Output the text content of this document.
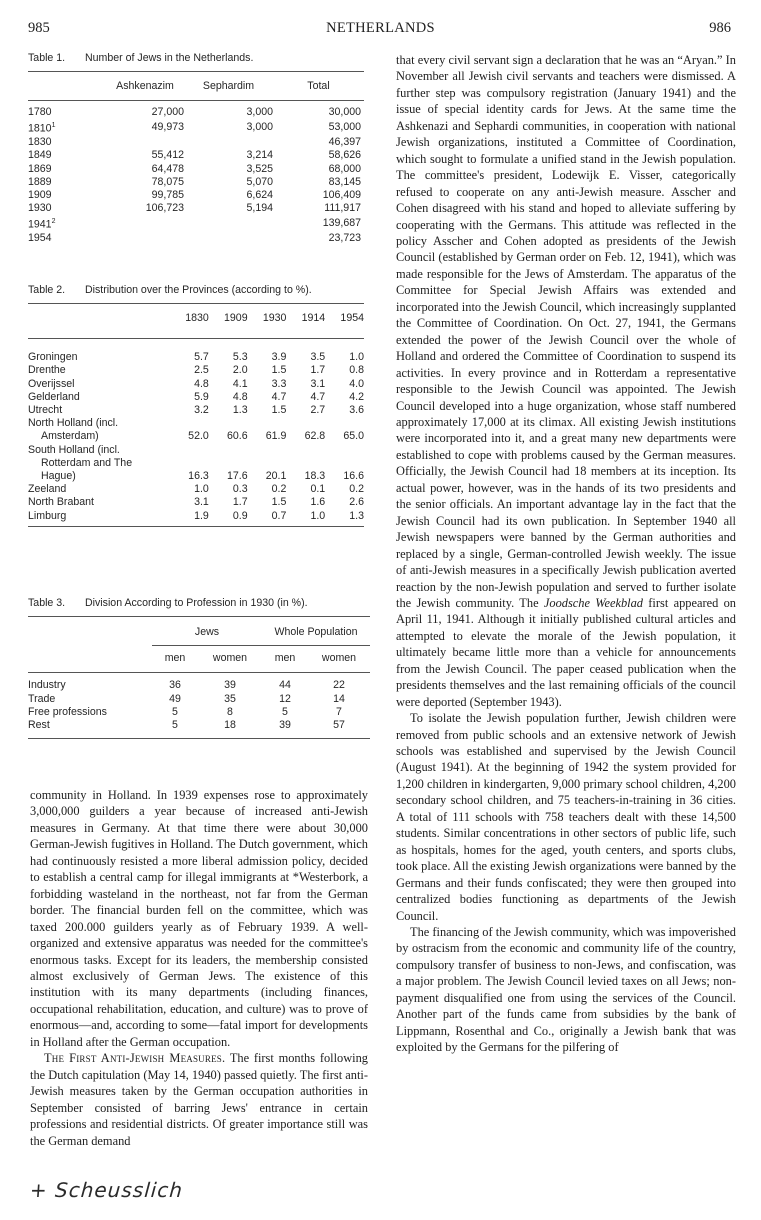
985	NETHERLANDS	986
Table 1. Number of Jews in the Netherlands.
	Ashkenazim	Sephardim	Total

1780	27,000	3,000	30,000
1810$^1$	49,973	3,000	53,000
1830			46,397
1849	55,412	3,214	58,626
1869	64,478	3,525	68,000
1889	78,075	5,070	83,145
1909	99,785	6,624	106,409
1930	106,723	5,194	111,917
1941$^2$			139,687
1954			23,723
Table 2. Distribution over the Provinces (according to %).
	1830	1909	1930	1914	1954

Groningen	5.7	5.3	3.9	3.5	1.0
Drenthe	2.5	2.0	1.5	1.7	0.8
Overijssel	4.8	4.1	3.3	3.1	4.0
Gelderland	5.9	4.8	4.7	4.7	4.2
Utrecht	3.2	1.3	1.5	2.7	3.6
North Holland (incl.					
Amsterdam)	52.0	60.6	61.9	62.8	65.0
South Holland (incl.					
Rotterdam and The					
Hague)	16.3	17.6	20.1	18.3	16.6
Zeeland	1.0	0.3	0.2	0.1	0.2
North Brabant	3.1	1.7	1.5	1.6	2.6
Limburg	1.9	0.9	0.7	1.0	1.3
Table 3. Division According to Profession in 1930 (in %).
	Jews		Whole Population	

	men	women	men	women

Industry	36	39	44	22
Trade	49	35	12	14
Free professions	5	8	5	7
Rest	5	18	39	57

community in Holland. In 1939 expenses rose to approximately 3,000,000 guilders a year because of increased anti-Jewish measures in Germany. At that time there were about 30,000 German-Jewish fugitives in Holland. The Dutch government, which had continuously resisted a more liberal admission policy, decided to establish a central camp for illegal immigrants at *Westerbork, a forbidding wasteland in the northeast, not far from the German border. The financial burden fell on the committee, which was taxed 200.000 guilders yearly as of February 1939. A well-organized and extensive apparatus was needed for the committee's enormous tasks. Except for its leaders, the membership consisted almost exclusively of German Jews. The existence of this institution with its many departments (including finances, occupational rehabilitation, education, and culture) was to prove of enormous—and, according to some—fatal import for developments in Holland after the German occupation.

The First Anti-Jewish Measures. The first months following the Dutch capitulation (May 14, 1940) passed quietly. The first anti-Jewish measures taken by the German occupation authorities in September consisted of barring Jews' entrance in certain professions and residential districts. Of greater importance still was the German demand

that every civil servant sign a declaration that he was an “Aryan.” In November all Jewish civil servants and teachers were dismissed. A further step was compulsory registration (January 1941) and the issue of special identity cards for Jews. At the same time the Ashkenazi and Sephardi communities, in cooperation with national Jewish organizations, instituted a Committee of Coordination, which sought to formulate a unified stand in the Jewish population. The committee's president, Lodewĳk E. Visser, categorically refused to cooperate on any anti-Jewish measure. Asscher and Cohen disagreed with his stand and hoped to alleviate suffering by cooperating with the Germans. This attitude was reflected in the policy Asscher and Cohen adopted as presidents of the Jewish Council (established by German order on Feb. 12, 1941), which was made responsible for the Jews of Amsterdam. The apparatus of the Committee for Special Jewish Affairs was extended and incorporated into the Jewish Council, which increasingly supplanted the Committee of Coordination. On Oct. 27, 1941, the Germans extended the power of the Jewish Council over the whole of Holland and ordered the Committee of Coordination to suspend its activities. In every province and in Rotterdam a representative responsible to the Jewish Council was appointed. The Jewish Council developed into a huge organization, whose staff numbered approximately 17,000 at its climax. All existing Jewish institutions were incorporated into it, and a great many new departments were established to cope with problems caused by the German measures. Officially, the Jewish Council had 18 members at its inception. Its actual power, however, was in the hands of its two presidents and the senior officials. An important advantage lay in the fact that the Jewish Council had its own publication. In September 1940 all Jewish newspapers were banned by the German authorities and replaced by a single, German-controlled Jewish weekly. The issue of anti-Jewish measures in a specifically Jewish publication averted reaction by the non-Jewish population and served to further isolate the Jewish community. The Joodsche Weekblad first appeared on April 11, 1941. Although it initially published cultural articles and attempted to elevate the morale of the Jewish population, it ultimately became little more than a vehicle for announcements from the Jewish Council. The paper ceased publication when the presidents themselves and the last remaining officials of the council were deported (September 1943).

To isolate the Jewish population further, Jewish children were removed from public schools and an extensive network of Jewish schools was established and supervised by the Jewish Council (August 1941). At the beginning of 1942 the system provided for 1,200 children in kindergarten, 9,000 primary school children, 4,200 secondary school children, and 75 teachers-in-training in 36 cities. A total of 111 schools with 758 teachers dealt with these 14,500 students. Similar concentrations in other sectors of public life, such as hospitals, homes for the aged, youth centers, and sports clubs, took place. All the existing Jewish organizations were banned by the Germans and their funds confiscated; they were then grouped into centralized bodies functioning as departments of the Jewish Council.

The financing of the Jewish community, which was impoverished by ostracism from the economic and community life of the country, compulsory transfer of business to non-Jews, and confiscation, was a major problem. The Jewish Council levied taxes on all Jews; non-payment disqualified one from using the services of the Council. Another part of the funds came from subsidies by the bank of Lippmann, Rosenthal and Co., originally a Jewish bank that was exploited by the Germans for the pilfering of

+ Scheusslich
